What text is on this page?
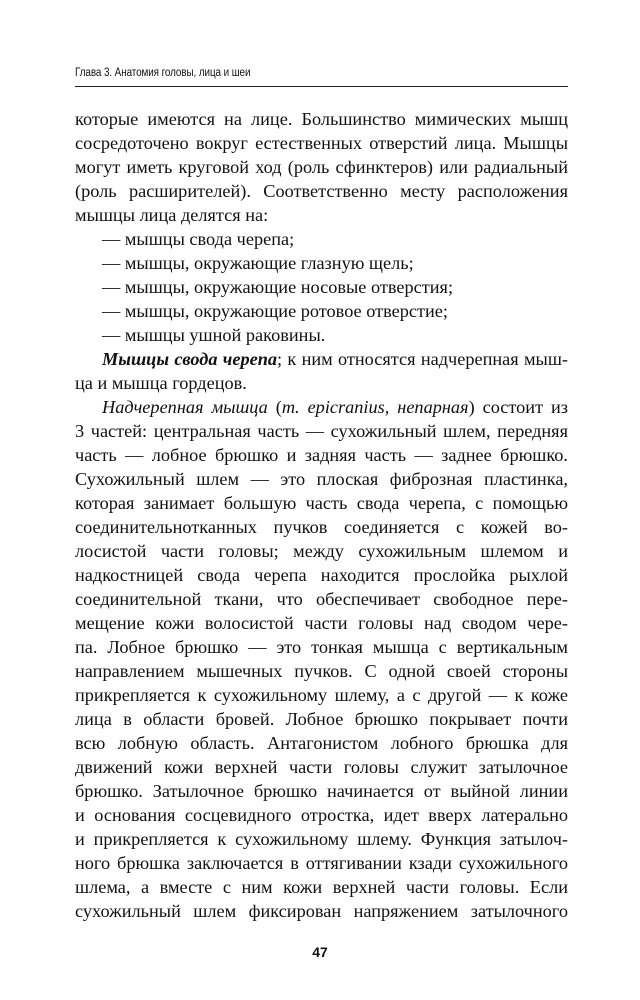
Глава 3. Анатомия головы, лица и шеи
которые имеются на лице. Большинство мимических мышц
сосредоточено вокруг естественных отверстий лица. Мышцы
могут иметь круговой ход (роль сфинктеров) или радиальный
(роль расширителей). Соответственно месту расположения
мышцы лица делятся на:
— мышцы свода черепа;
— мышцы, окружающие глазную щель;
— мышцы, окружающие носовые отверстия;
— мышцы, окружающие ротовое отверстие;
— мышцы ушной раковины.
Мышцы свода черепа; к ним относятся надчерепная мыш-
ца и мышца гордецов.
Надчерепная мышца (m. epicranius, непарная) состоит из
3 частей: центральная часть — сухожильный шлем, передняя
часть — лобное брюшко и задняя часть — заднее брюшко.
Сухожильный шлем — это плоская фиброзная пластинка,
которая занимает большую часть свода черепа, с помощью
соединительнотканных пучков соединяется с кожей во-
лосистой части головы; между сухожильным шлемом и
надкостницей свода черепа находится прослойка рыхлой
соединительной ткани, что обеспечивает свободное пере-
мещение кожи волосистой части головы над сводом чере-
па. Лобное брюшко — это тонкая мышца с вертикальным
направлением мышечных пучков. С одной своей стороны
прикрепляется к сухожильному шлему, а с другой — к коже
лица в области бровей. Лобное брюшко покрывает почти
всю лобную область. Антагонистом лобного брюшка для
движений кожи верхней части головы служит затылочное
брюшко. Затылочное брюшко начинается от выйной линии
и основания сосцевидного отростка, идет вверх латерально
и прикрепляется к сухожильному шлему. Функция затылоч-
ного брюшка заключается в оттягивании кзади сухожильного
шлема, а вместе с ним кожи верхней части головы. Если
сухожильный шлем фиксирован напряжением затылочного
47
